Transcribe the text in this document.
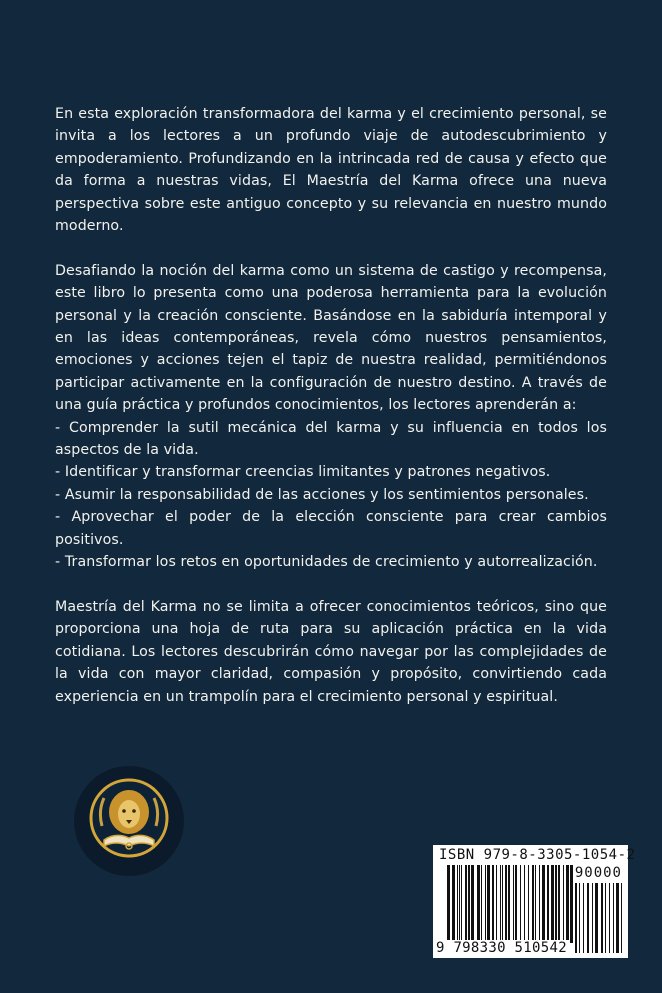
En esta exploración transformadora del karma y el crecimiento personal, se invita a los lectores a un profundo viaje de autodescubrimiento y empoderamiento. Profundizando en la intrincada red de causa y efecto que da forma a nuestras vidas, El Maestría del Karma ofrece una nueva perspectiva sobre este antiguo concepto y su relevancia en nuestro mundo moderno.

Desafiando la noción del karma como un sistema de castigo y recompensa, este libro lo presenta como una poderosa herramienta para la evolución personal y la creación consciente. Basándose en la sabiduría intemporal y en las ideas contemporáneas, revela cómo nuestros pensamientos, emociones y acciones tejen el tapiz de nuestra realidad, permitiéndonos participar activamente en la configuración de nuestro destino. A través de una guía práctica y profundos conocimientos, los lectores aprenderán a:
- Comprender la sutil mecánica del karma y su influencia en todos los aspectos de la vida.
- Identificar y transformar creencias limitantes y patrones negativos.
- Asumir la responsabilidad de las acciones y los sentimientos personales.
- Aprovechar el poder de la elección consciente para crear cambios positivos.
- Transformar los retos en oportunidades de crecimiento y autorrealización.

Maestría del Karma no se limita a ofrecer conocimientos teóricos, sino que proporciona una hoja de ruta para su aplicación práctica en la vida cotidiana. Los lectores descubrirán cómo navegar por las complejidades de la vida con mayor claridad, compasión y propósito, convirtiendo cada experiencia en un trampolín para el crecimiento personal y espiritual.

ISBN 979-8-3305-1054-2
90000
9 798330 510542
